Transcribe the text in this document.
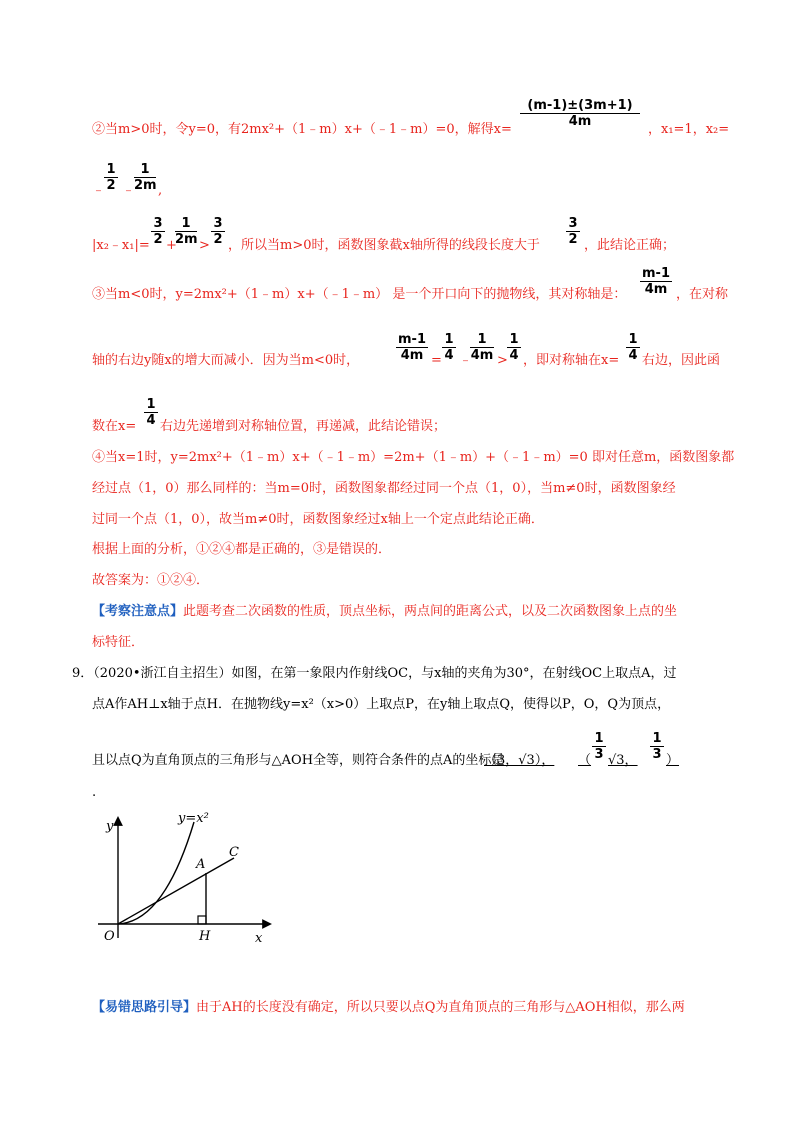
②当m>0时，令y=0，有2mx²+（1﹣m）x+（﹣1﹣m）=0，解得x=
$\frac{(m-1)\pm(3m+1)}{4m}$
，x₁=1，x₂=
﹣
$\frac{1}{2}$ ﹣
$\frac{1}{2m}$ ,
|x₂﹣x₁|= $\frac{3}{2}$ +
$\frac{1}{2m} > \frac{3}{2}$ ，所以当m>0时，函数图象截x轴所得的线段长度大于 $\frac{3}{2}$ ，此结论正确；
③当m<0时，y=2mx²+（1﹣m）x+（﹣1﹣m） 是一个开口向下的抛物线，其对称轴是： $\frac{m-1}{4m}$ ，在对称
轴的右边y随x的增大而减小．因为当m<0时，	$\frac{m-1}{4m} = \frac{1}{4}$ ﹣
$\frac{1}{4m} > \frac{1}{4}$ ，即对称轴在$x= \frac{1}{4}$ 右边，因此函
数在$x= \frac{1}{4}$ 右边先递增到对称轴位置，再递减，此结论错误；
④当x=1时，y=2mx²+（1﹣m）x+（﹣1﹣m）=2m+（1﹣m）+（﹣1﹣m）=0 即对任意m，函数图象都
经过点（1，0）那么同样的：当m=0时，函数图象都经过同一个点（1，0），当m≠0时，函数图象经
过同一个点（1，0），故当m≠0时，函数图象经过x轴上一个定点此结论正确．
根据上面的分析，①②④都是正确的，③是错误的．
故答案为：①②④．
【考察注意点】此题考查二次函数的性质，顶点坐标，两点间的距离公式，以及二次函数图象上点的坐
标特征．
9．（2020•浙江自主招生）如图，在第一象限内作射线OC，与x轴的夹角为30°，在射线OC上取点A，过
点A作AH⊥x轴于点H．在抛物线y=x²（x>0）上取点P，在y轴上取点Q，使得以P，O，Q为顶点，
且以点Q为直角顶点的三角形与△AOH全等，则符合条件的点A的坐标是
（3，√3）， （ $\frac{1}{3} √3$， $\frac{1}{3}$ ）
.
y
y=x²
A
C
O	H	x
【易错思路引导】由于AH的长度没有确定，所以只要以点Q为直角顶点的三角形与△AOH相似，那么两
